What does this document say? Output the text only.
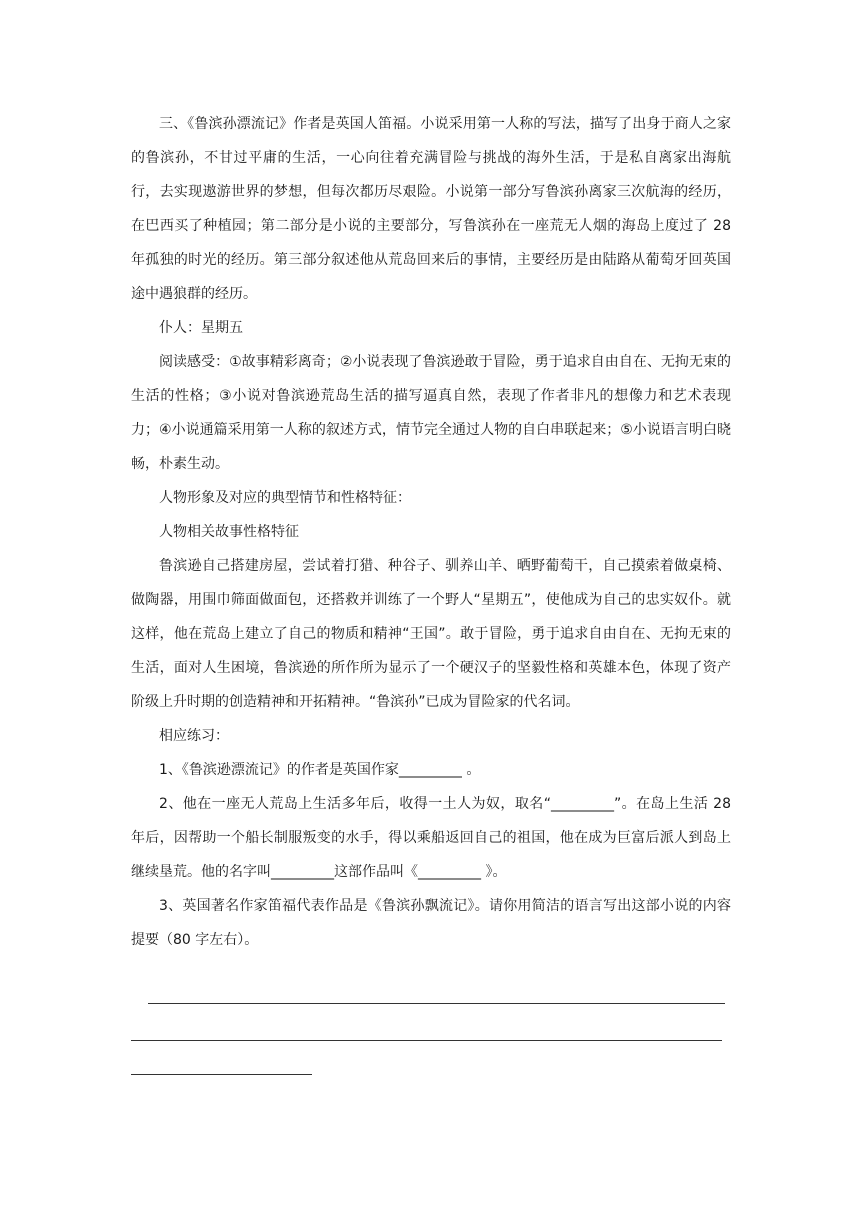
三、《鲁滨孙漂流记》作者是英国人笛福。小说采用第一人称的写法，描写了出身于商人之家的鲁滨孙，不甘过平庸的生活，一心向往着充满冒险与挑战的海外生活，于是私自离家出海航行，去实现遨游世界的梦想，但每次都历尽艰险。小说第一部分写鲁滨孙离家三次航海的经历，在巴西买了种植园；第二部分是小说的主要部分，写鲁滨孙在一座荒无人烟的海岛上度过了 28 年孤独的时光的经历。第三部分叙述他从荒岛回来后的事情，主要经历是由陆路从葡萄牙回英国途中遇狼群的经历。

仆人：星期五

阅读感受：①故事精彩离奇；②小说表现了鲁滨逊敢于冒险，勇于追求自由自在、无拘无束的生活的性格；③小说对鲁滨逊荒岛生活的描写逼真自然，表现了作者非凡的想像力和艺术表现力；④小说通篇采用第一人称的叙述方式，情节完全通过人物的自白串联起来；⑤小说语言明白晓畅，朴素生动。

人物形象及对应的典型情节和性格特征：

人物相关故事性格特征

鲁滨逊自己搭建房屋，尝试着打猎、种谷子、驯养山羊、晒野葡萄干，自己摸索着做桌椅、做陶器，用围巾筛面做面包，还搭救并训练了一个野人“星期五”，使他成为自己的忠实奴仆。就这样，他在荒岛上建立了自己的物质和精神“王国”。敢于冒险，勇于追求自由自在、无拘无束的生活，面对人生困境，鲁滨逊的所作所为显示了一个硬汉子的坚毅性格和英雄本色，体现了资产阶级上升时期的创造精神和开拓精神。“鲁滨孙”已成为冒险家的代名词。

相应练习：

1、《鲁滨逊漂流记》的作者是英国作家_________ 。

2、他在一座无人荒岛上生活多年后，收得一土人为奴，取名“_________”。在岛上生活 28 年后，因帮助一个船长制服叛变的水手，得以乘船返回自己的祖国，他在成为巨富后派人到岛上继续垦荒。他的名字叫_________这部作品叫《_________ 》。

3、英国著名作家笛福代表作品是《鲁滨孙飘流记》。请你用简洁的语言写出这部小说的内容提要（80 字左右）。
